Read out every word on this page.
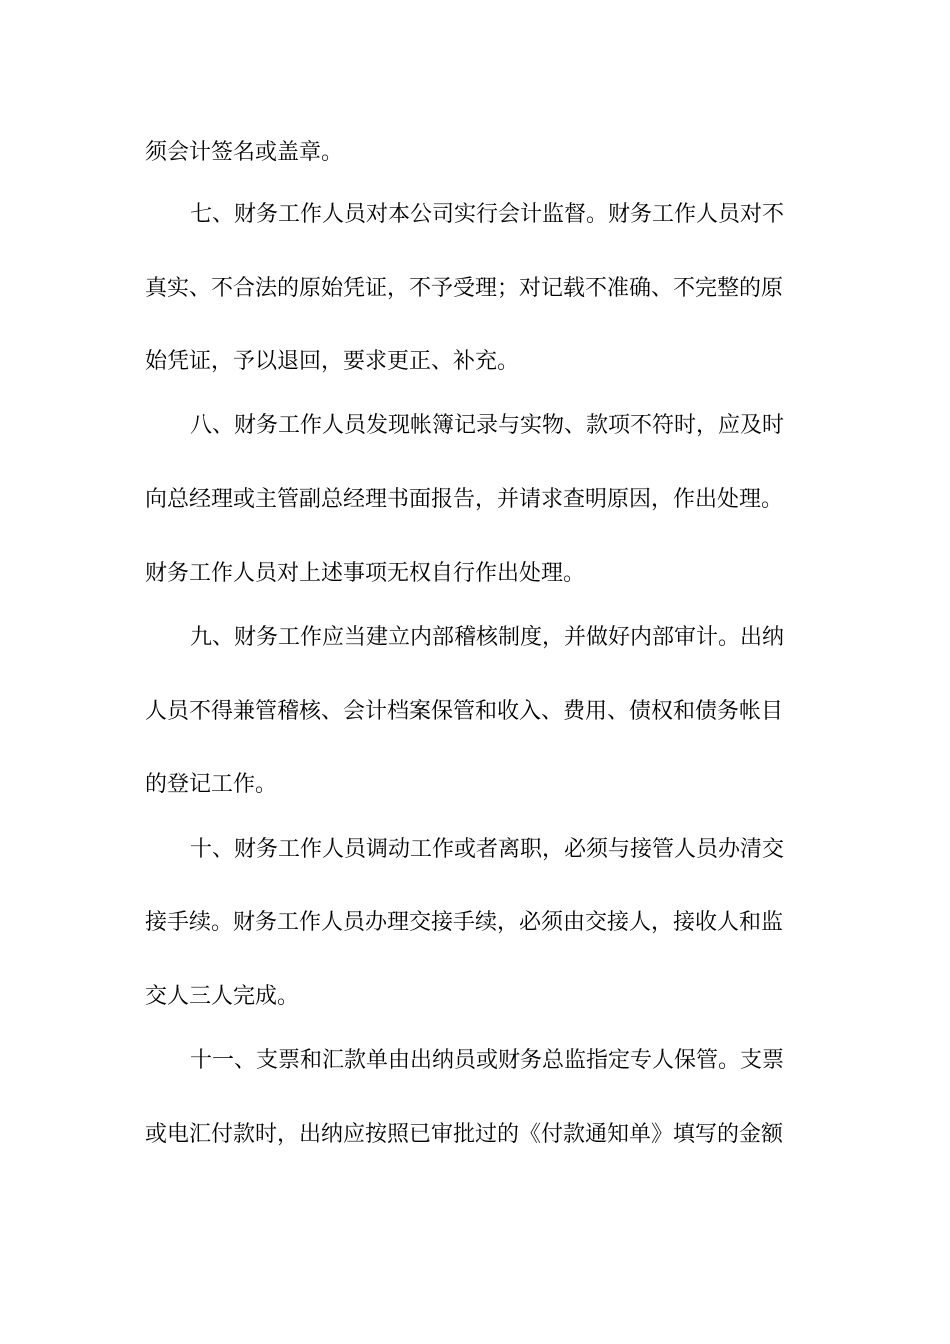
须会计签名或盖章。
七、财务工作人员对本公司实行会计监督。财务工作人员对不
真实、不合法的原始凭证，不予受理；对记载不准确、不完整的原
始凭证，予以退回，要求更正、补充。
八、财务工作人员发现帐簿记录与实物、款项不符时，应及时
向总经理或主管副总经理书面报告，并请求查明原因，作出处理。
财务工作人员对上述事项无权自行作出处理。
九、财务工作应当建立内部稽核制度，并做好内部审计。出纳
人员不得兼管稽核、会计档案保管和收入、费用、债权和债务帐目
的登记工作。
十、财务工作人员调动工作或者离职，必须与接管人员办清交
接手续。财务工作人员办理交接手续，必须由交接人，接收人和监
交人三人完成。
十一、支票和汇款单由出纳员或财务总监指定专人保管。支票
或电汇付款时，出纳应按照已审批过的《付款通知单》填写的金额
